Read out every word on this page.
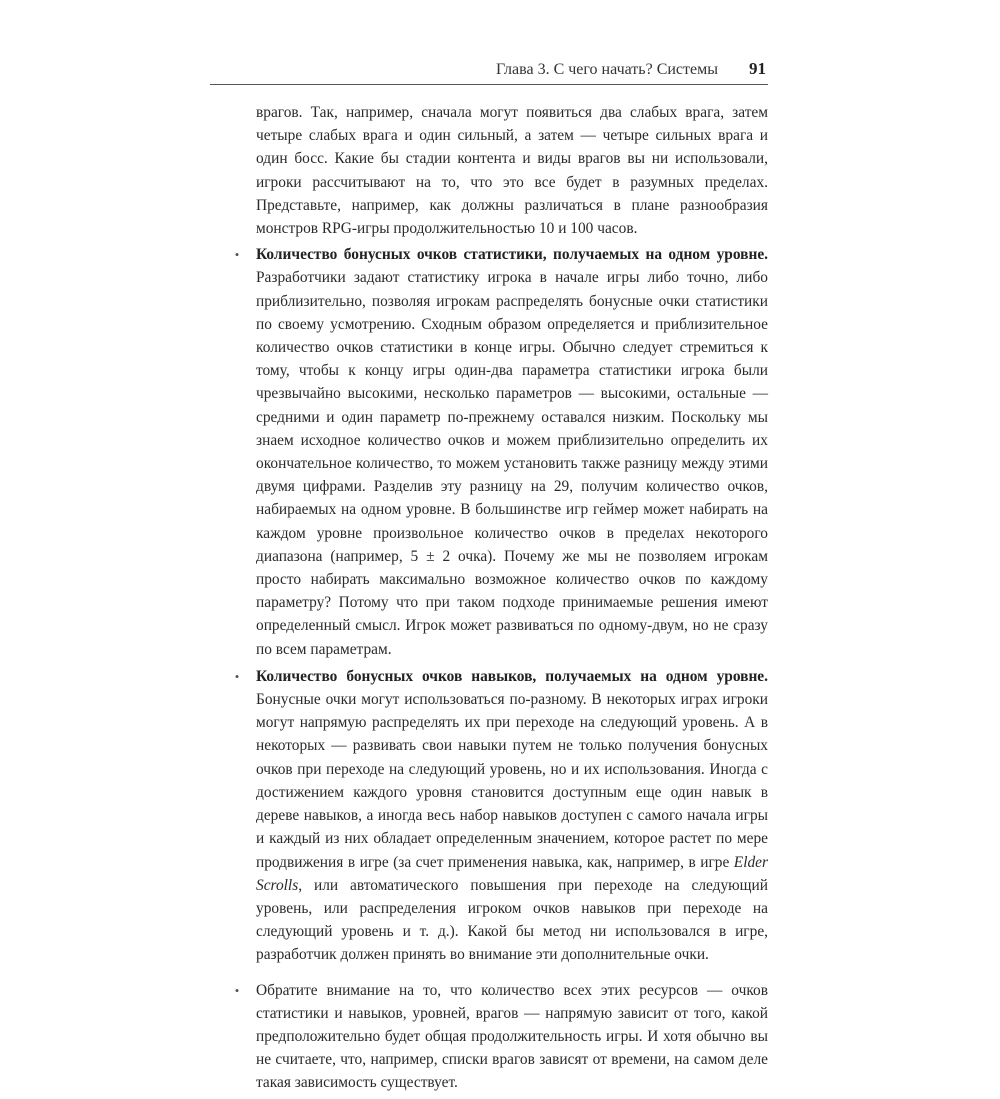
Глава 3. С чего начать? Системы 91

врагов. Так, например, сначала могут появиться два слабых врага, затем четыре слабых врага и один сильный, а затем — четыре сильных врага и один босс. Какие бы стадии контента и виды врагов вы ни использовали, игроки рассчитывают на то, что это все будет в разумных пределах. Представьте, например, как должны различаться в плане разнообразия монстров RPG-игры продолжительностью 10 и 100 часов.

• Количество бонусных очков статистики, получаемых на одном уровне. Разработчики задают статистику игрока в начале игры либо точно, либо приблизительно, позволяя игрокам распределять бонусные очки статистики по своему усмотрению. Сходным образом определяется и приблизительное количество очков статистики в конце игры. Обычно следует стремиться к тому, чтобы к концу игры один-два параметра статистики игрока были чрезвычайно высокими, несколько параметров — высокими, остальные — средними и один параметр по-прежнему оставался низким. Поскольку мы знаем исходное количество очков и можем приблизительно определить их окончательное количество, то можем установить также разницу между этими двумя цифрами. Разделив эту разницу на 29, получим количество очков, набираемых на одном уровне. В большинстве игр геймер может набирать на каждом уровне произвольное количество очков в пределах некоторого диапазона (например, 5 ± 2 очка). Почему же мы не позволяем игрокам просто набирать максимально возможное количество очков по каждому параметру? Потому что при таком подходе принимаемые решения имеют определенный смысл. Игрок может развиваться по одному-двум, но не сразу по всем параметрам.

• Количество бонусных очков навыков, получаемых на одном уровне. Бонусные очки могут использоваться по-разному. В некоторых играх игроки могут напрямую распределять их при переходе на следующий уровень. А в некоторых — развивать свои навыки путем не только получения бонусных очков при переходе на следующий уровень, но и их использования. Иногда с достижением каждого уровня становится доступным еще один навык в дереве навыков, а иногда весь набор навыков доступен с самого начала игры и каждый из них обладает определенным значением, которое растет по мере продвижения в игре (за счет применения навыка, как, например, в игре Elder Scrolls, или автоматического повышения при переходе на следующий уровень, или распределения игроком очков навыков при переходе на следующий уровень и т. д.). Какой бы метод ни использовался в игре, разработчик должен принять во внимание эти дополнительные очки.

• Обратите внимание на то, что количество всех этих ресурсов — очков статистики и навыков, уровней, врагов — напрямую зависит от того, какой предположительно будет общая продолжительность игры. И хотя обычно вы не считаете, что, например, списки врагов зависят от времени, на самом деле такая зависимость существует.
